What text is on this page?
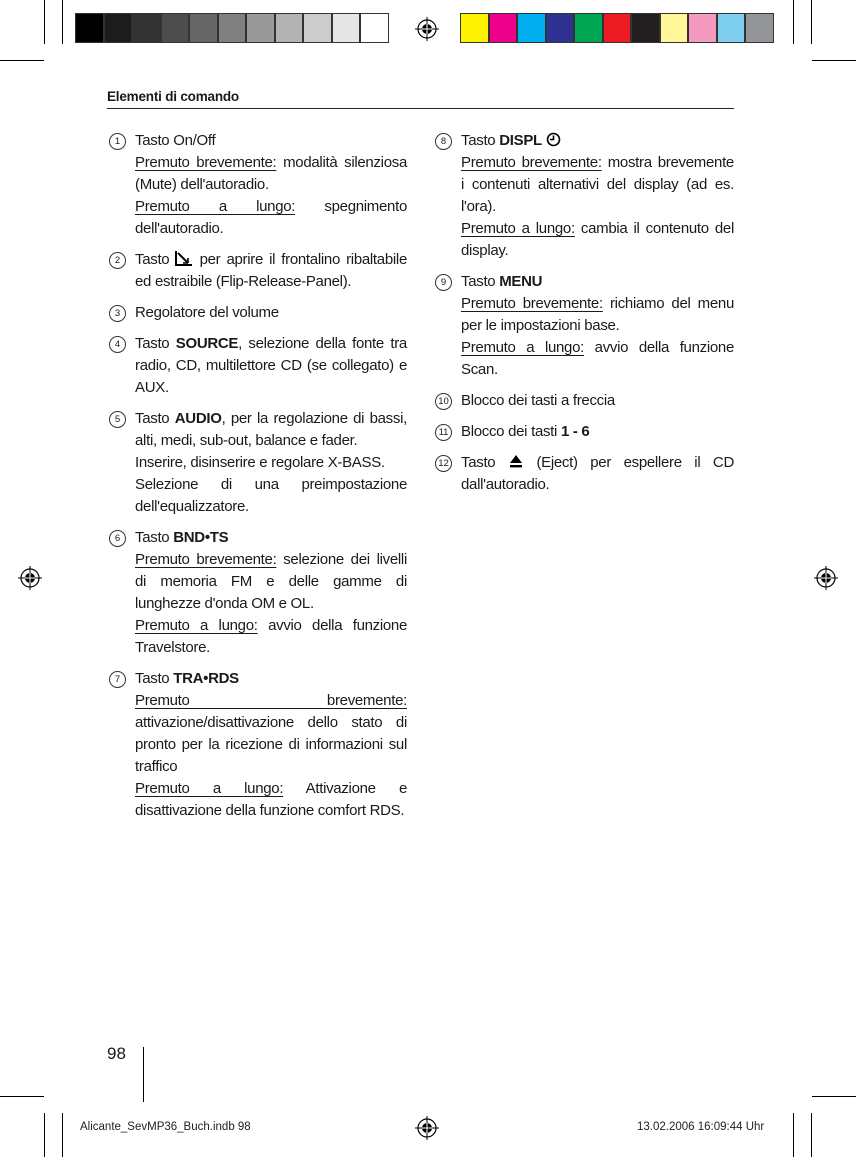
Elementi di comando
1 Tasto On/Off
Premuto brevemente: modalità silenziosa (Mute) dell'autoradio.
Premuto a lungo: spegnimento dell'autoradio.
2 Tasto  per aprire il frontalino ribaltabile ed estraibile (Flip-Release-Panel).
3 Regolatore del volume
4 Tasto SOURCE, selezione della fonte tra radio, CD, multilettore CD (se collegato) e AUX.
5 Tasto AUDIO, per la regolazione di bassi, alti, medi, sub-out, balance e fader.
Inserire, disinserire e regolare X-BASS.
Selezione di una preimpostazione dell'equalizzatore.
6 Tasto BND•TS
Premuto brevemente: selezione dei livelli di memoria FM e delle gamme di lunghezze d'onda OM e OL.
Premuto a lungo: avvio della funzione Travelstore.
7 Tasto TRA•RDS
Premuto brevemente: attivazione/disattivazione dello stato di pronto per la ricezione di informazioni sul traffico
Premuto a lungo: Attivazione e disattivazione della funzione comfort RDS.
8 Tasto DISPL
Premuto brevemente: mostra brevemente i contenuti alternativi del display (ad es. l'ora).
Premuto a lungo: cambia il contenuto del display.
9 Tasto MENU
Premuto brevemente: richiamo del menu per le impostazioni base.
Premuto a lungo: avvio della funzione Scan.
10 Blocco dei tasti a freccia
11 Blocco dei tasti 1 - 6
12 Tasto  (Eject) per espellere il CD dall'autoradio.
98
Alicante_SevMP36_Buch.indb 98	13.02.2006 16:09:44 Uhr
